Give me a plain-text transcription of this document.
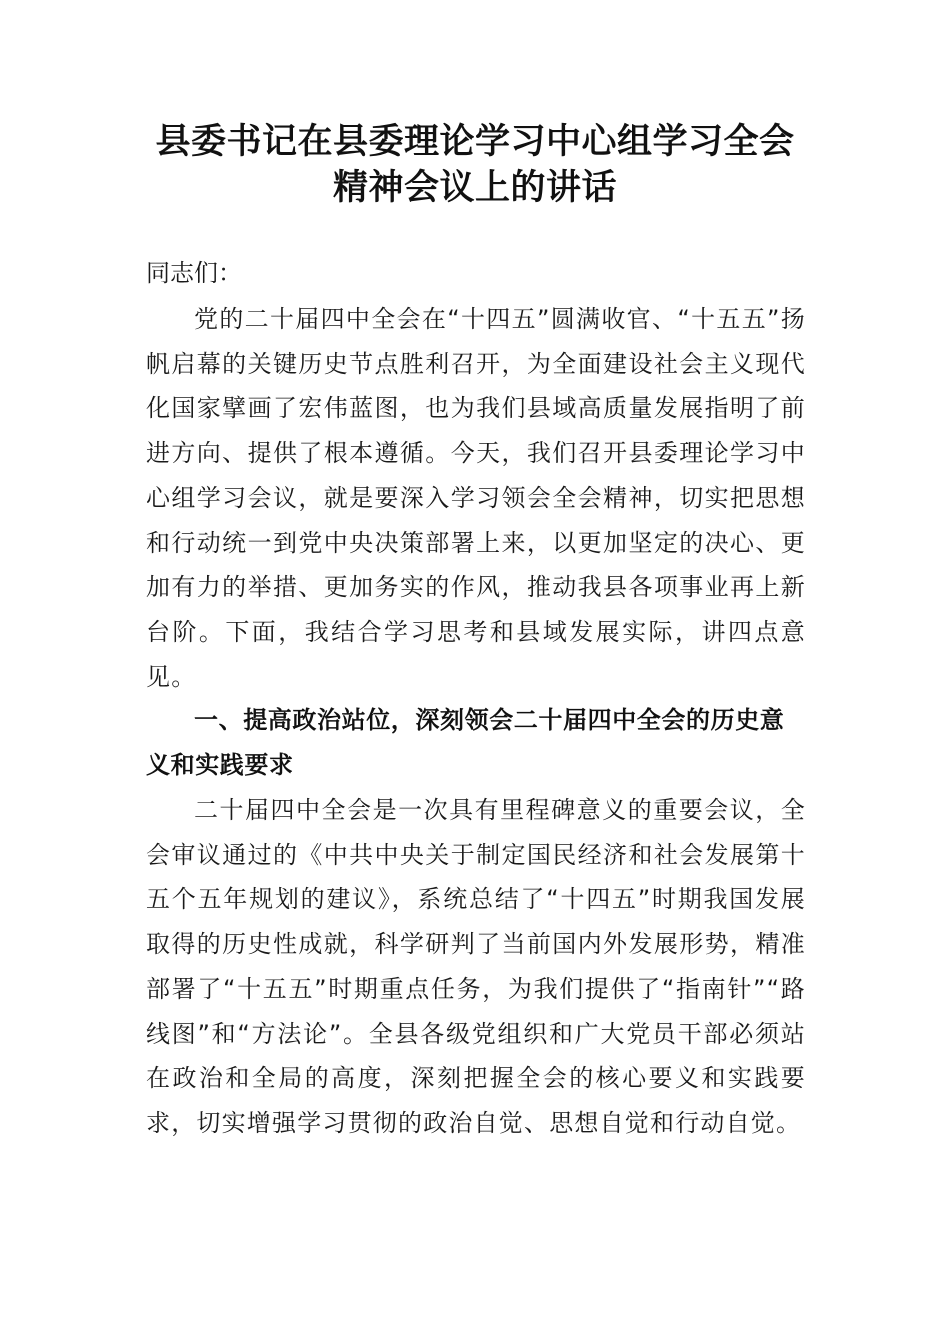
县委书记在县委理论学习中心组学习全会
精神会议上的讲话
同志们：

党的二十届四中全会在“十四五”圆满收官、“十五五”扬帆启幕的关键历史节点胜利召开，为全面建设社会主义现代化国家擘画了宏伟蓝图，也为我们县域高质量发展指明了前进方向、提供了根本遵循。今天，我们召开县委理论学习中心组学习会议，就是要深入学习领会全会精神，切实把思想和行动统一到党中央决策部署上来，以更加坚定的决心、更加有力的举措、更加务实的作风，推动我县各项事业再上新台阶。下面，我结合学习思考和县域发展实际，讲四点意见。

一、提高政治站位，深刻领会二十届四中全会的历史意义和实践要求

二十届四中全会是一次具有里程碑意义的重要会议，全会审议通过的《中共中央关于制定国民经济和社会发展第十五个五年规划的建议》，系统总结了“十四五”时期我国发展取得的历史性成就，科学研判了当前国内外发展形势，精准部署了“十五五”时期重点任务，为我们提供了“指南针”“路线图”和“方法论”。全县各级党组织和广大党员干部必须站在政治和全局的高度，深刻把握全会的核心要义和实践要求，切实增强学习贯彻的政治自觉、思想自觉和行动自觉。
